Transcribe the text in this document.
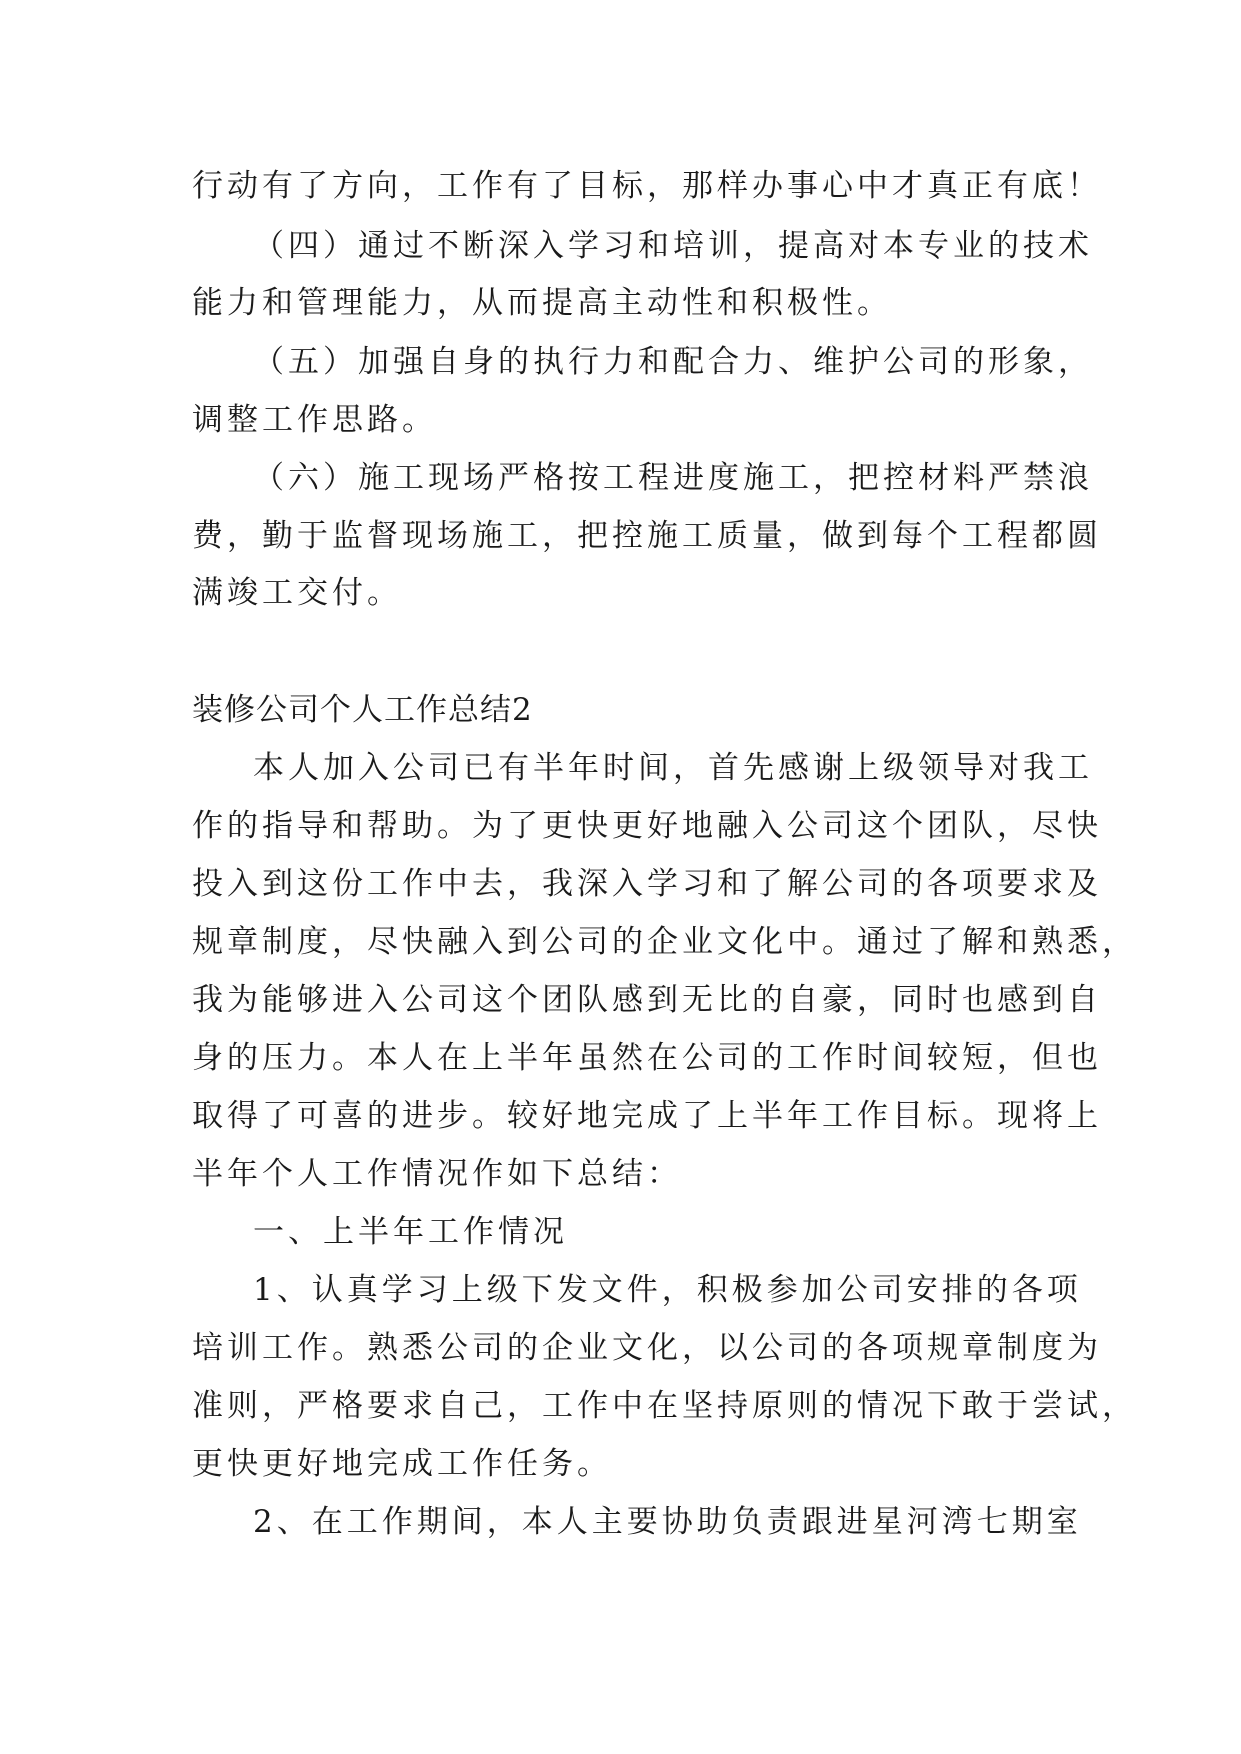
行动有了方向，工作有了目标，那样办事心中才真正有底！
（四）通过不断深入学习和培训，提高对本专业的技术
能力和管理能力，从而提高主动性和积极性。
（五）加强自身的执行力和配合力、维护公司的形象，
调整工作思路。
（六）施工现场严格按工程进度施工，把控材料严禁浪
费，勤于监督现场施工，把控施工质量，做到每个工程都圆
满竣工交付。
装修公司个人工作总结2
本人加入公司已有半年时间，首先感谢上级领导对我工
作的指导和帮助。为了更快更好地融入公司这个团队，尽快
投入到这份工作中去，我深入学习和了解公司的各项要求及
规章制度，尽快融入到公司的企业文化中。通过了解和熟悉，
我为能够进入公司这个团队感到无比的自豪，同时也感到自
身的压力。本人在上半年虽然在公司的工作时间较短，但也
取得了可喜的进步。较好地完成了上半年工作目标。现将上
半年个人工作情况作如下总结：
一、上半年工作情况
1、认真学习上级下发文件，积极参加公司安排的各项
培训工作。熟悉公司的企业文化，以公司的各项规章制度为
准则，严格要求自己，工作中在坚持原则的情况下敢于尝试，
更快更好地完成工作任务。
2、在工作期间，本人主要协助负责跟进星河湾七期室
